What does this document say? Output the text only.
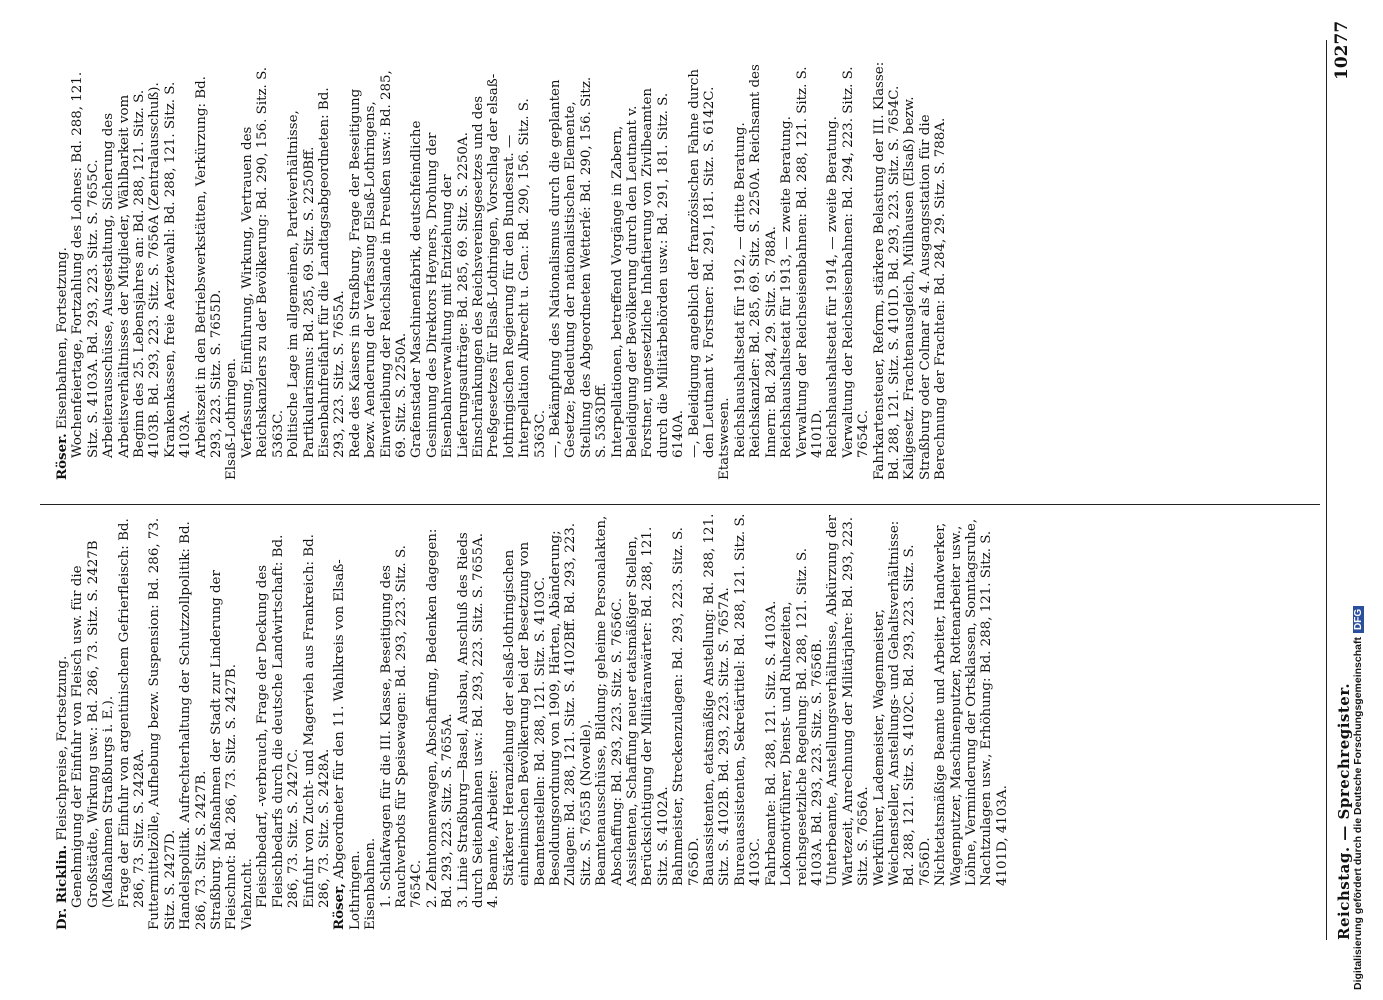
Reichstag. — Sprechregister.
10277

Dr. Ricklin. Fleischpreise, Fortsetzung. Genehmigung der Einfuhr von Fleisch usw. für die Großstädte, Wirkung usw.: Bd. 286, 73. Sitz. S. 2427B (Maßnahmen Straßburgs i. E.). Frage der Einfuhr von argentinischem Gefrierfleisch: Bd. 286, 73. Sitz. S. 2428A. Futtermittelzölle, Aufhebung bezw. Suspension: Bd. 286, 73. Sitz. S. 2427D. Handelspolitik. Aufrechterhaltung der Schutzzollpolitik: Bd. 286, 73. Sitz. S. 2427B. Straßburg. Maßnahmen der Stadt zur Linderung der Fleischnot: Bd. 286, 73. Sitz. S. 2427B. Viehzucht. Fleischbedarf, -verbrauch, Frage der Deckung des Fleischbedarfs durch die deutsche Landwirtschaft: Bd. 286, 73. Sitz. S. 2427C. Einfuhr von Zucht- und Magervieh aus Frankreich: Bd. 286, 73. Sitz. S. 2428A. Röser, Abgeordneter für den 11. Wahlkreis von Elsaß-Lothringen. Eisenbahnen. 1. Schlafwagen für die III. Klasse, Beseitigung des Rauchverbots für Speisewagen: Bd. 293, 223. Sitz. S. 7654C. 2. Zehntonnenwagen, Abschaffung, Bedenken dagegen: Bd. 293, 223. Sitz. S. 7655A. 3. Linie Straßburg—Basel, Ausbau, Anschluß des Rieds durch Seitenbahnen usw.: Bd. 293, 223. Sitz. S. 7655A. 4. Beamte, Arbeiter: Stärkerer Heranziehung der elsaß-lothringischen einheimischen Bevölkerung bei der Besetzung von Beamtenstellen: Bd. 288, 121. Sitz. S. 4103C. Besoldungsordnung von 1909, Härten, Abänderung; Zulagen: Bd. 288, 121. Sitz. S. 4102Bff. Bd. 293, 223. Sitz. S. 7655B (Novelle). Beamtenausschüsse, Bildung; geheime Personalakten, Abschaffung: Bd. 293, 223. Sitz. S. 7656C. Assistenten, Schaffung neuer etatsmäßiger Stellen, Berücksichtigung der Militäranwärter: Bd. 288, 121. Sitz. S. 4102A. Bahnmeister, Streckenzulagen: Bd. 293, 223. Sitz. S. 7656D. Bauassistenten, etatsmäßige Anstellung: Bd. 288, 121. Sitz. S. 4102B. Bd. 293, 223. Sitz. S. 7657A. Bureauassistenten, Sekretärtitel: Bd. 288, 121. Sitz. S. 4103C. Fahrbeamte: Bd. 288, 121. Sitz. S. 4103A. Lokomotivführer, Dienst- und Ruhezeiten, reichsgesetzliche Regelung: Bd. 288, 121. Sitz. S. 4103A. Bd. 293, 223. Sitz. S. 7656B. Unterbeamte, Anstellungsverhältnisse, Abkürzung der Wartezeit, Anrechnung der Militärjahre: Bd. 293, 223. Sitz. S. 7656A. Werkführer, Lademeister, Wagenmeister, Weichensteller, Anstellungs- und Gehaltsverhältnisse: Bd. 288, 121. Sitz. S. 4102C. Bd. 293, 223. Sitz. S. 7656D. Nichtetatsmäßige Beamte und Arbeiter, Handwerker, Wagenputzer, Maschinenputzer, Rottenarbeiter usw., Löhne, Verminderung der Ortsklassen, Sonntagsruhe, Nachtzulagen usw., Erhöhung: Bd. 288, 121. Sitz. S. 4101D, 4103A.

Röser. Eisenbahnen, Fortsetzung. Wochenfeiertage, Fortzahlung des Lohnes: Bd. 288, 121. Sitz. S. 4103A. Bd. 293, 223. Sitz. S. 7655C. Arbeiterausschüsse, Ausgestaltung, Sicherung des Arbeitsverhältnisses der Mitglieder, Wählbarkeit vom Beginn des 25. Lebensjahres an: Bd. 288, 121. Sitz. S. 4103B. Bd. 293, 223. Sitz. S. 7656A (Zentralausschuß). Krankenkassen, freie Aerztewahl: Bd. 288, 121. Sitz. S. 4103A. Arbeitszeit in den Betriebswerkstätten, Verkürzung: Bd. 293, 223. Sitz. S. 7655D. Elsaß-Lothringen. Verfassung, Einführung, Wirkung, Vertrauen des Reichskanzlers zu der Bevölkerung: Bd. 290, 156. Sitz. S. 5363C. Politische Lage im allgemeinen, Parteiverhältnisse, Partikularismus: Bd. 285, 69. Sitz. S. 2250Bff. Eisenbahnfreifahrt für die Landtagsabgeordneten: Bd. 293, 223. Sitz. S. 7655A. Rede des Kaisers in Straßburg, Frage der Beseitigung bezw. Aenderung der Verfassung Elsaß-Lothringens, Einverleibung der Reichslande in Preußen usw.: Bd. 285, 69. Sitz. S. 2250A. Grafenstader Maschinenfabrik, deutschfeindliche Gesinnung des Direktors Heyners, Drohung der Eisenbahnverwaltung mit Entziehung der Lieferungsaufträge: Bd. 285, 69. Sitz. S. 2250A. Einschränkungen des Reichsvereinsgesetzes und des Preßgesetzes für Elsaß-Lothringen, Vorschlag der elsaß-lothringischen Regierung für den Bundesrat. — Interpellation Albrecht u. Gen.: Bd. 290, 156. Sitz. S. 5363C. —, Bekämpfung des Nationalismus durch die geplanten Gesetze; Bedeutung der nationalistischen Elemente, Stellung des Abgeordneten Wetterlé: Bd. 290, 156. Sitz. S. 5363Dff. Interpellationen, betreffend Vorgänge in Zabern, Beleidigung der Bevölkerung durch den Leutnant v. Forstner, ungesetzliche Inhaftierung von Zivilbeamten durch die Militärbehörden usw.: Bd. 291, 181. Sitz. S. 6140A. —, Beleidigung angeblich der französischen Fahne durch den Leutnant v. Forstner: Bd. 291, 181. Sitz. S. 6142C. Etatswesen. Reichshaushaltsetat für 1912, — dritte Beratung. Reichskanzler: Bd. 285, 69. Sitz. S. 2250A. Reichsamt des Innern: Bd. 284, 29. Sitz. S. 788A. Reichshaushaltsetat für 1913, — zweite Beratung. Verwaltung der Reichseisenbahnen: Bd. 288, 121. Sitz. S. 4101D. Reichshaushaltsetat für 1914, — zweite Beratung. Verwaltung der Reichseisenbahnen: Bd. 294, 223. Sitz. S. 7654C. Fahrkartensteuer, Reform, stärkere Belastung der III. Klasse: Bd. 288, 121. Sitz. S. 4101D. Bd. 293, 223. Sitz. S. 7654C. Kaligesetz. Frachtenausgleich, Mülhausen (Elsaß) bezw. Straßburg oder Colmar als 4. Ausgangsstation für die Berechnung der Frachten: Bd. 284, 29. Sitz. S. 788A.

Digitalisierung gefördert durch die Deutsche ForschungsgemeinschaftDFG
